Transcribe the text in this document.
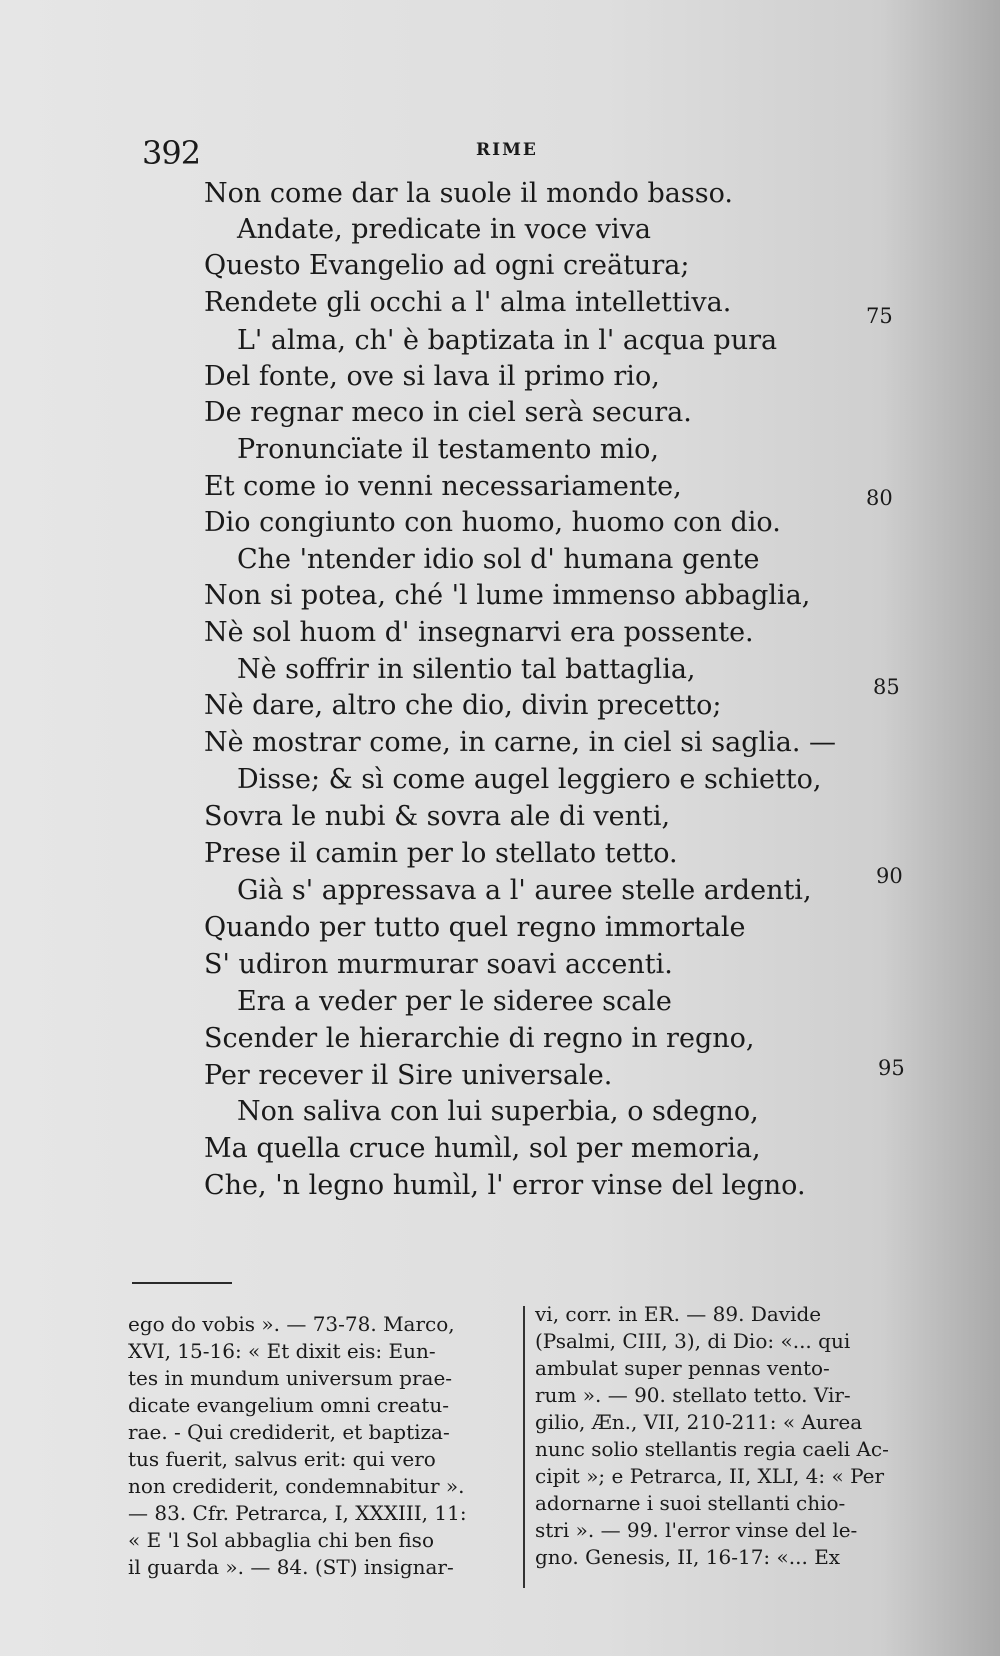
392	RIME
Non come dar la suole il mondo basso.
Andate, predicate in voce viva
Questo Evangelio ad ogni creätura;
Rendete gli occhi a l' alma intellettiva.
L' alma, ch' è baptizata in l' acqua pura
Del fonte, ove si lava il primo rio,
De regnar meco in ciel serà secura.
Pronuncïate il testamento mio,
Et come io venni necessariamente,
Dio congiunto con huomo, huomo con dio.
Che 'ntender idio sol d' humana gente
Non si potea, ché 'l lume immenso abbaglia,
Nè sol huom d' insegnarvi era possente.
Nè soffrir in silentio tal battaglia,
Nè dare, altro che dio, divin precetto;
Nè mostrar come, in carne, in ciel si saglia. —
Disse; & sì come augel leggiero e schietto,
Sovra le nubi & sovra ale di venti,
Prese il camin per lo stellato tetto.
Già s' appressava a l' auree stelle ardenti,
Quando per tutto quel regno immortale
S' udiron murmurar soavi accenti.
Era a veder per le sideree scale
Scender le hierarchie di regno in regno,
Per recever il Sire universale.
Non saliva con lui superbia, o sdegno,
Ma quella cruce humìl, sol per memoria,
Che, 'n legno humìl, l' error vinse del legno.
75
80
85
90
95
ego do vobis ». — 73-78. Marco,
XVI, 15-16: « Et dixit eis: Eun-
tes in mundum universum prae-
dicate evangelium omni creatu-
rae. - Qui crediderit, et baptiza-
tus fuerit, salvus erit: qui vero
non crediderit, condemnabitur ».
— 83. Cfr. Petrarca, I, XXXIII, 11:
« E 'l Sol abbaglia chi ben fiso
il guarda ». — 84. (ST) insignar-
vi, corr. in ER. — 89. Davide
(Psalmi, CIII, 3), di Dio: «... qui
ambulat super pennas vento-
rum ». — 90. stellato tetto. Vir-
gilio, Æn., VII, 210-211: « Aurea
nunc solio stellantis regia caeli Ac-
cipit »; e Petrarca, II, XLI, 4: « Per
adornarne i suoi stellanti chio-
stri ». — 99. l'error vinse del le-
gno. Genesis, II, 16-17: «... Ex
